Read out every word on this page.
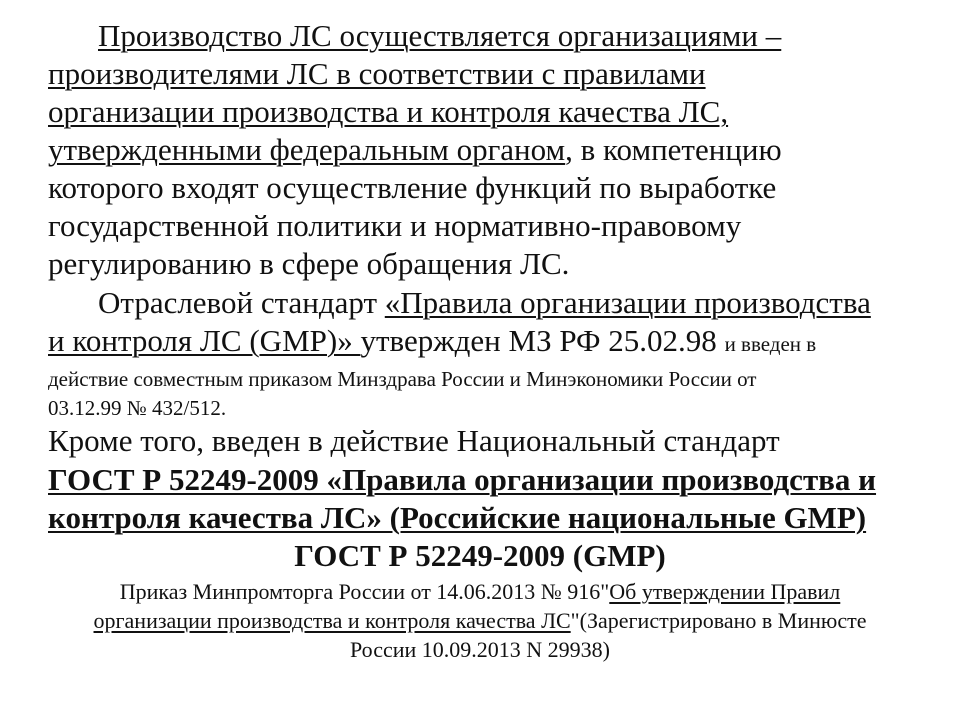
Производство ЛС осуществляется организациями –
производителями ЛС в соответствии с правилами
организации производства и контроля качества ЛС,
утвержденными федеральным органом, в компетенцию
которого входят осуществление функций по выработке
государственной политики и нормативно-правовому
регулированию в сфере обращения ЛС.
Отраслевой стандарт «Правила организации производства
и контроля ЛС (GMP)» утвержден МЗ РФ 25.02.98 и введен в
действие совместным приказом Минздрава России и Минэкономики России от
03.12.99 № 432/512.
Кроме того, введен в действие Национальный стандарт
ГОСТ Р 52249-2009 «Правила организации производства и
контроля качества ЛС» (Российские национальные GMP)
ГОСТ Р 52249-2009 (GMP)
Приказ Минпромторга России от 14.06.2013 № 916"Об утверждении Правил
организации производства и контроля качества ЛС"(Зарегистрировано в Минюсте
России 10.09.2013 N 29938)
